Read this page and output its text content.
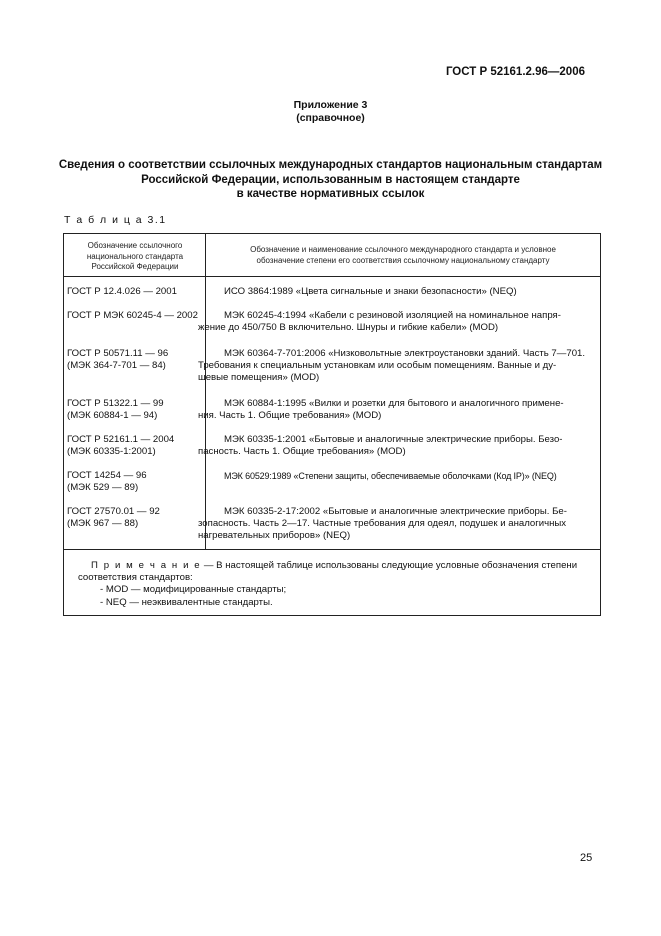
ГОСТ Р 52161.2.96—2006
Приложение 3
(справочное)
Сведения о соответствии ссылочных международных стандартов национальным стандартам
Российской Федерации, использованным в настоящем стандарте
в качестве нормативных ссылок
Т а б л и ц а 3.1
Обозначение ссылочного
национального стандарта
Российской Федерации
Обозначение и наименование ссылочного международного стандарта и условное
обозначение степени его соответствия ссылочному национальному стандарту
ГОСТ Р 12.4.026 — 2001	ИСО 3864:1989 «Цвета сигнальные и знаки безопасности» (NEQ)
ГОСТ Р МЭК 60245-4 — 2002	МЭК 60245-4:1994 «Кабели с резиновой изоляцией на номинальное напря-
жение до 450/750 В включительно. Шнуры и гибкие кабели» (MOD)
ГОСТ Р 50571.11 — 96
(МЭК 364-7-701 — 84)
МЭК 60364-7-701:2006 «Низковольтные электроустановки зданий. Часть 7—701.
Требования к специальным установкам или особым помещениям. Ванные и ду-
шевые помещения» (MOD)
ГОСТ Р 51322.1 — 99
(МЭК 60884-1 — 94)
МЭК 60884-1:1995 «Вилки и розетки для бытового и аналогичного примене-
ния. Часть 1. Общие требования» (MOD)
ГОСТ Р 52161.1 — 2004
(МЭК 60335-1:2001)
МЭК 60335-1:2001 «Бытовые и аналогичные электрические приборы. Безо-
пасность. Часть 1. Общие требования» (MOD)
ГОСТ 14254 — 96
(МЭК 529 — 89)
МЭК 60529:1989 «Степени защиты, обеспечиваемые оболочками (Код IP)» (NEQ)
ГОСТ 27570.01 — 92
(МЭК 967 — 88)
МЭК 60335-2-17:2002 «Бытовые и аналогичные электрические приборы. Бе-
зопасность. Часть 2—17. Частные требования для одеял, подушек и аналогичных
нагревательных приборов» (NEQ)
П р и м е ч а н и е — В настоящей таблице использованы следующие условные обозначения степени
соответствия стандартов:
- MOD — модифицированные стандарты;
- NEQ — неэквивалентные стандарты.
25
